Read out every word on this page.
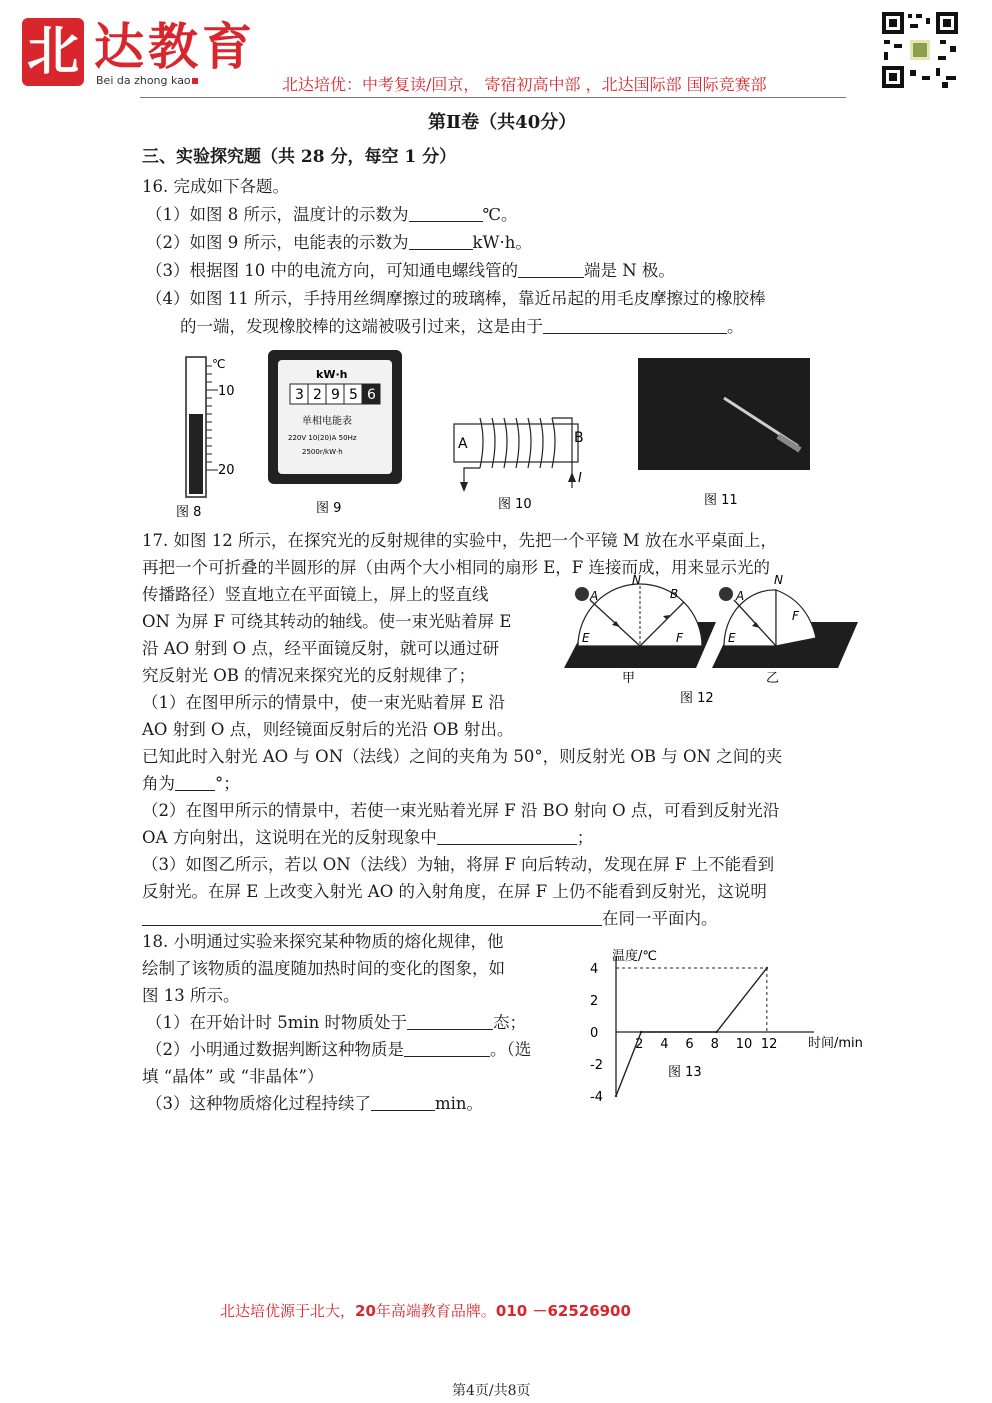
北 达教育
Bei da zhong kao	北达培优：中考复读/回京， 寄宿初高中部 ，北达国际部 国际竞赛部
第Ⅱ卷（共40分）
三、实验探究题（共 28 分，每空 1 分）
16. 完成如下各题。
（1）如图 8 所示，温度计的示数为	℃。
（2）如图 9 所示，电能表的示数为	kW·h。
（3）根据图 10 中的电流方向，可知通电螺线管的	端是 N 极。
（4）如图 11 所示，手持用丝绸摩擦过的玻璃棒，靠近吊起的用毛皮摩擦过的橡胶棒
的一端，发现橡胶棒的这端被吸引过来，这是由于	。
℃
10
20
图 8
kW·h
3 2 9 5 6
单相电能表
220V 10(20)A 50Hz
2500r/kW·h
图 9
A	B
I
图 10	图 11
17. 如图 12 所示，在探究光的反射规律的实验中，先把一个平镜 M 放在水平桌面上，
再把一个可折叠的半圆形的屏（由两个大小相同的扇形 E，F 连接而成，用来显示光的
传播路径）竖直地立在平面镜上，屏上的竖直线
ON 为屏 F 可绕其转动的轴线。使一束光贴着屏 E
沿 AO 射到 O 点，经平面镜反射，就可以通过研
究反射光 OB 的情况来探究光的反射规律了；
（1）在图甲所示的情景中，使一束光贴着屏 E 沿
AO 射到 O 点，则经镜面反射后的光沿 OB 射出。
已知此时入射光 AO 与 ON（法线）之间的夹角为 50°，则反射光 OB 与 ON 之间的夹
角为 °；
（2）在图甲所示的情景中，若使一束光贴着光屏 F 沿 BO 射向 O 点，可看到反射光沿
OA 方向射出，这说明在光的反射现象中	；
（3）如图乙所示，若以 ON（法线）为轴，将屏 F 向后转动，发现在屏 F 上不能看到
反射光。在屏 E 上改变入射光 AO 的入射角度，在屏 F 上仍不能看到反射光，这说明
在同一平面内。
A
N
B
E	F
甲
A
N
E
F
乙
图 12
18. 小明通过实验来探究某种物质的熔化规律，他
绘制了该物质的温度随加热时间的变化的图象，如
图 13 所示。
（1）在开始计时 5min 时物质处于	态；
（2）小明通过数据判断这种物质是	。（选
填 “晶体” 或 “非晶体”）
（3）这种物质熔化过程持续了	min。
2 4 6 8 10 12
4
2
0
-2
-4
温度/℃
时间/min
图 13
北达培优源于北大，20年高端教育品牌。010 －62526900
第4页/共8页
